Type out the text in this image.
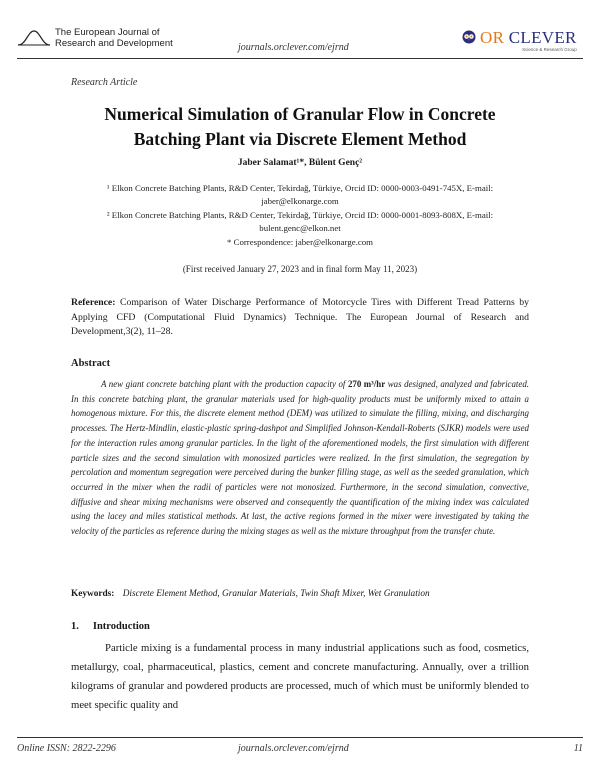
The European Journal of
Research and Development	journals.orclever.com/ejrnd
OR CLEVER
Science & Research Group
Research Article
Numerical Simulation of Granular Flow in Concrete
Batching Plant via Discrete Element Method
Jaber Salamat¹*, Bülent Genç²
¹ Elkon Concrete Batching Plants, R&D Center, Tekirdağ, Türkiye, Orcid ID: 0000-0003-0491-745X, E-mail:
jaber@elkonarge.com
² Elkon Concrete Batching Plants, R&D Center, Tekirdağ, Türkiye, Orcid ID: 0000-0001-8093-808X, E-mail:
bulent.genc@elkon.net
* Correspondence: jaber@elkonarge.com
(First received January 27, 2023 and in final form May 11, 2023)
Reference: Comparison of Water Discharge Performance of Motorcycle Tires with Different Tread Patterns by Applying CFD (Computational Fluid Dynamics) Technique. The European Journal of Research and Development,3(2), 11–28.
Abstract
A new giant concrete batching plant with the production capacity of 270 m³/hr was designed, analyzed and fabricated. In this concrete batching plant, the granular materials used for high-quality products must be uniformly mixed to attain a homogenous mixture. For this, the discrete element method (DEM) was utilized to simulate the filling, mixing, and discharging processes. The Hertz-Mindlin, elastic-plastic spring-dashpot and Simplified Johnson-Kendall-Roberts (SJKR) models were used for the interaction rules among granular particles. In the light of the aforementioned models, the first simulation with different particle sizes and the second simulation with monosized particles were realized. In the first simulation, the segregation by percolation and momentum segregation were perceived during the bunker filling stage, as well as the seeded granulation, which occurred in the mixer when the radii of particles were not monosized. Furthermore, in the second simulation, convective, diffusive and shear mixing mechanisms were observed and consequently the quantification of the mixing index was calculated using the lacey and miles statistical methods. At last, the active regions formed in the mixer were investigated by taking the velocity of the particles as reference during the mixing stages as well as the mixture throughput from the transfer chute.
Keywords: Discrete Element Method, Granular Materials, Twin Shaft Mixer, Wet Granulation
1. Introduction
Particle mixing is a fundamental process in many industrial applications such as food, cosmetics, metallurgy, coal, pharmaceutical, plastics, cement and concrete manufacturing. Annually, over a trillion kilograms of granular and powdered products are processed, much of which must be uniformly blended to meet specific quality and
Online ISSN: 2822-2296	journals.orclever.com/ejrnd	11
